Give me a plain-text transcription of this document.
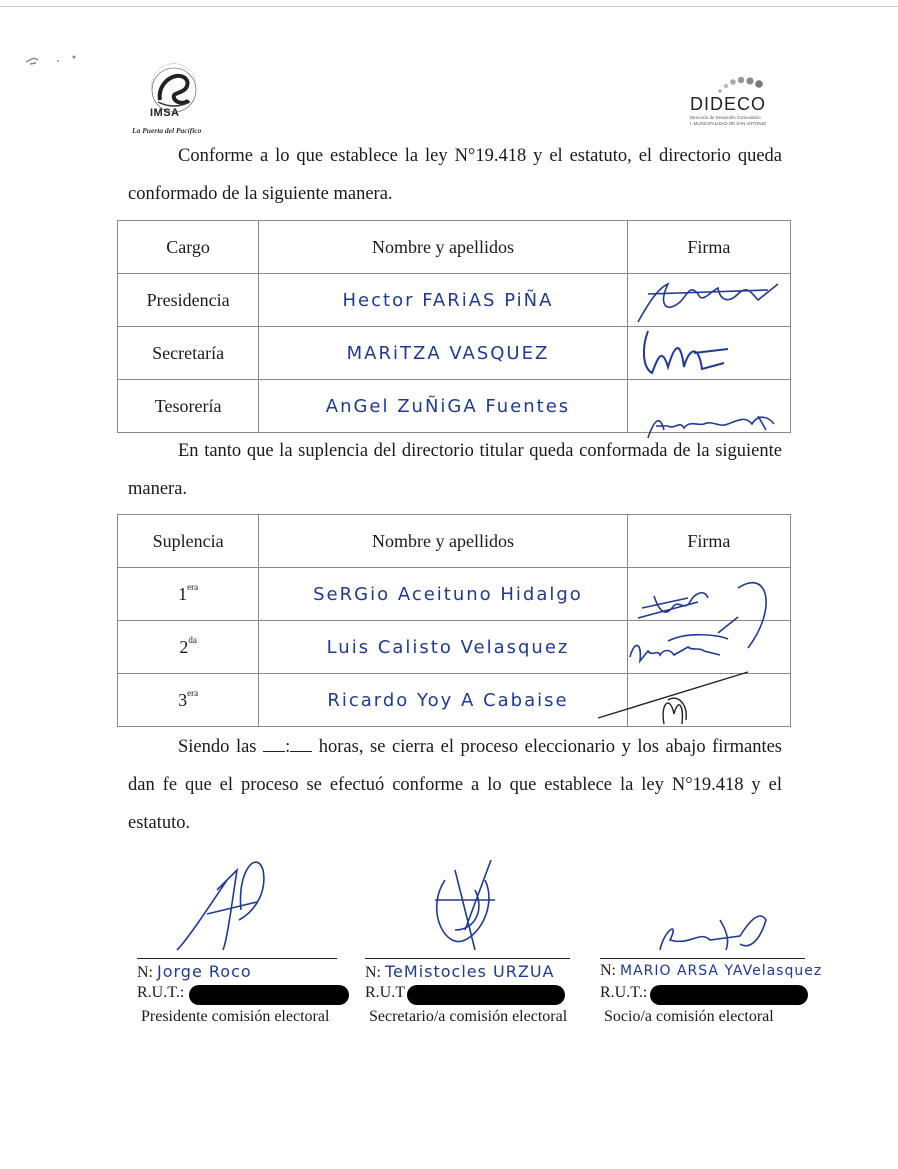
IMSA
La Puerta del Pacífico
DIDECO
Dirección de Desarrollo Comunitario
I. MUNICIPALIDAD DE SAN ANTONIO

Conforme a lo que establece la ley N°19.418 y el estatuto, el directorio queda conformado de la siguiente manera.

Cargo	Nombre y apellidos	Firma
Presidencia	Hector FARiAS PiÑA	

Secretaría	MARiTZA VASQUEZ	

Tesorería	AnGel ZuÑiGA Fuentes	

En tanto que la suplencia del directorio titular queda conformada de la siguiente manera.

Suplencia	Nombre y apellidos	Firma
$1^{era}$	SeRGio Aceituno Hidalgo	

$2^{da}$	Luis Calisto Velasquez	

$3^{era}$	Ricardo Yoy A Cabaise	

Siendo las : horas, se cierra el proceso eleccionario y los abajo firmantes dan fe que el proceso se efectuó conforme a lo que establece la ley N°19.418 y el estatuto.

N: Jorge Roco
R.U.T.:
Presidente comisión electoral
N: TeMistocles URZUA
R.U.T
Secretario/a comisión electoral
N: MARIO ARSA YAVelasquez
R.U.T.:
Socio/a comisión electoral
